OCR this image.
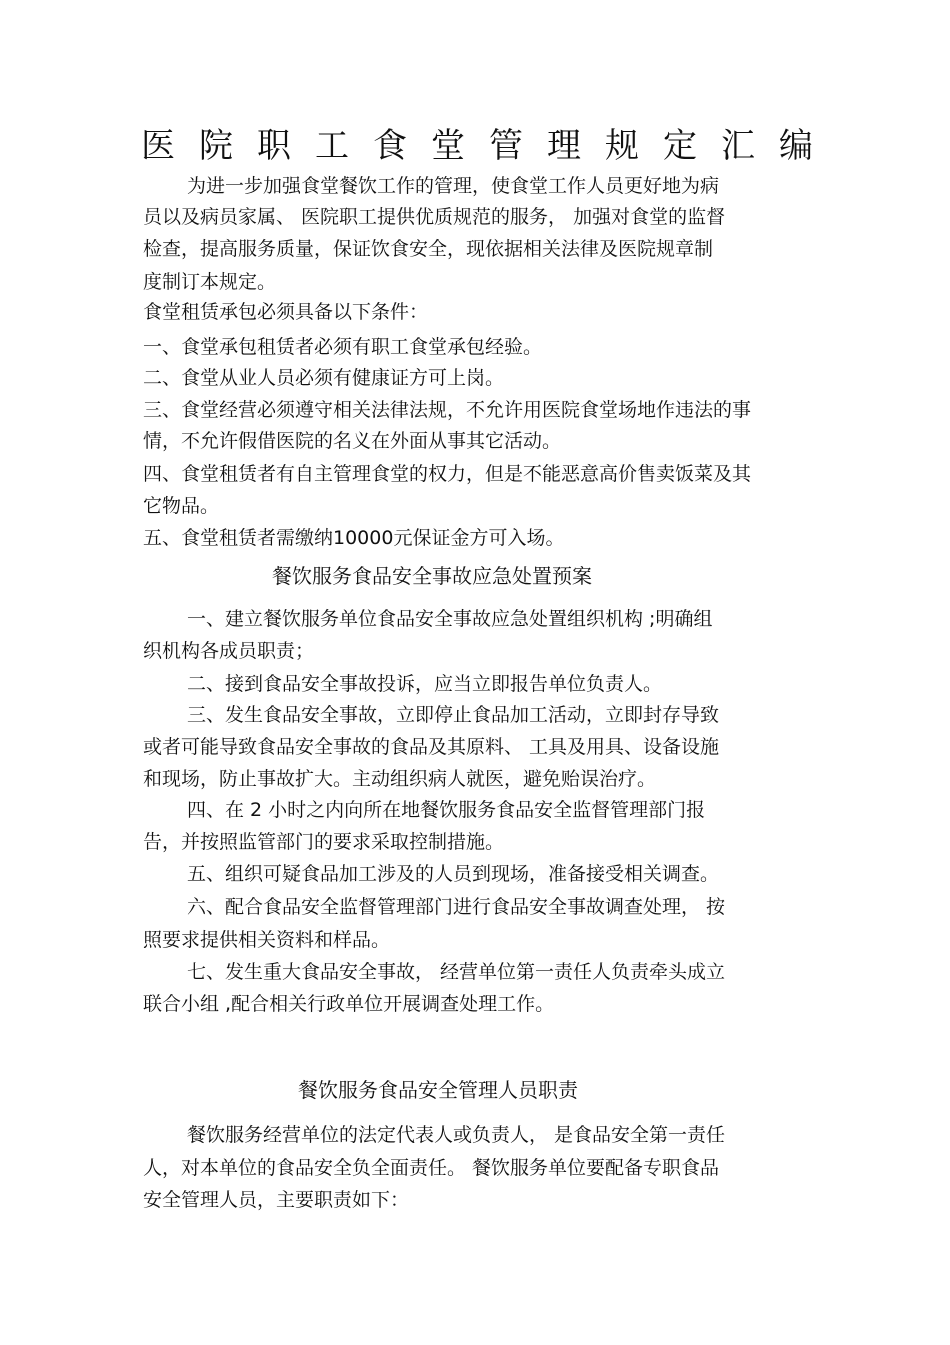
医院职工食堂管理规定汇编

为进一步加强食堂餐饮工作的管理，使食堂工作人员更好地为病

员以及病员家属、 医院职工提供优质规范的服务， 加强对食堂的监督

检查，提高服务质量，保证饮食安全，现依据相关法律及医院规章制

度制订本规定。

食堂租赁承包必须具备以下条件：

一、食堂承包租赁者必须有职工食堂承包经验。

二、食堂从业人员必须有健康证方可上岗。

三、食堂经营必须遵守相关法律法规，不允许用医院食堂场地作违法的事

情，不允许假借医院的名义在外面从事其它活动。

四、食堂租赁者有自主管理食堂的权力，但是不能恶意高价售卖饭菜及其

它物品。

五、食堂租赁者需缴纳10000元保证金方可入场。

餐饮服务食品安全事故应急处置预案

一、建立餐饮服务单位食品安全事故应急处置组织机构 ;明确组

织机构各成员职责；

二、接到食品安全事故投诉，应当立即报告单位负责人。

三、发生食品安全事故，立即停止食品加工活动，立即封存导致

或者可能导致食品安全事故的食品及其原料、 工具及用具、设备设施

和现场，防止事故扩大。主动组织病人就医，避免贻误治疗。

四、在 2 小时之内向所在地餐饮服务食品安全监督管理部门报

告，并按照监管部门的要求采取控制措施。

五、组织可疑食品加工涉及的人员到现场，准备接受相关调查。

六、配合食品安全监督管理部门进行食品安全事故调查处理， 按

照要求提供相关资料和样品。

七、发生重大食品安全事故， 经营单位第一责任人负责牵头成立

联合小组 ,配合相关行政单位开展调查处理工作。

餐饮服务食品安全管理人员职责

餐饮服务经营单位的法定代表人或负责人， 是食品安全第一责任

人，对本单位的食品安全负全面责任。 餐饮服务单位要配备专职食品

安全管理人员，主要职责如下：
